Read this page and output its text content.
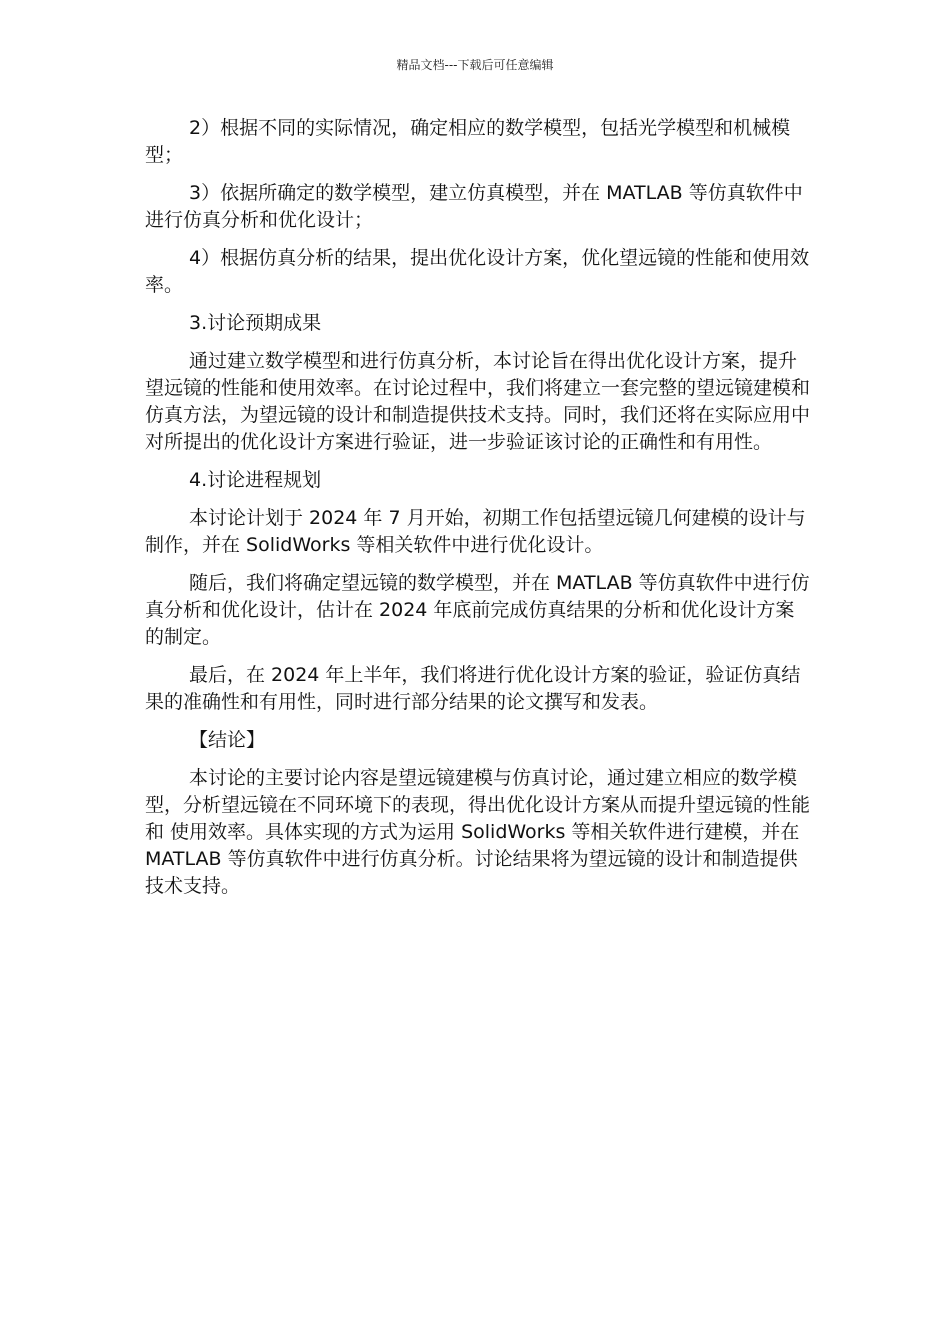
精品文档---下载后可任意编辑

2）根据不同的实际情况，确定相应的数学模型，包括光学模型和机械模型；

3）依据所确定的数学模型，建立仿真模型，并在 MATLAB 等仿真软件中进行仿真分析和优化设计；

4）根据仿真分析的结果，提出优化设计方案，优化望远镜的性能和使用效率。

3.讨论预期成果

通过建立数学模型和进行仿真分析，本讨论旨在得出优化设计方案，提升望远镜的性能和使用效率。在讨论过程中，我们将建立一套完整的望远镜建模和仿真方法，为望远镜的设计和制造提供技术支持。同时，我们还将在实际应用中对所提出的优化设计方案进行验证，进一步验证该讨论的正确性和有用性。

4.讨论进程规划

本讨论计划于 2024 年 7 月开始，初期工作包括望远镜几何建模的设计与制作，并在 SolidWorks 等相关软件中进行优化设计。

随后，我们将确定望远镜的数学模型，并在 MATLAB 等仿真软件中进行仿真分析和优化设计，估计在 2024 年底前完成仿真结果的分析和优化设计方案的制定。

最后，在 2024 年上半年，我们将进行优化设计方案的验证，验证仿真结果的准确性和有用性，同时进行部分结果的论文撰写和发表。

【结论】

本讨论的主要讨论内容是望远镜建模与仿真讨论，通过建立相应的数学模型，分析望远镜在不同环境下的表现，得出优化设计方案从而提升望远镜的性能和 使用效率。具体实现的方式为运用 SolidWorks 等相关软件进行建模，并在 MATLAB 等仿真软件中进行仿真分析。讨论结果将为望远镜的设计和制造提供技术支持。
